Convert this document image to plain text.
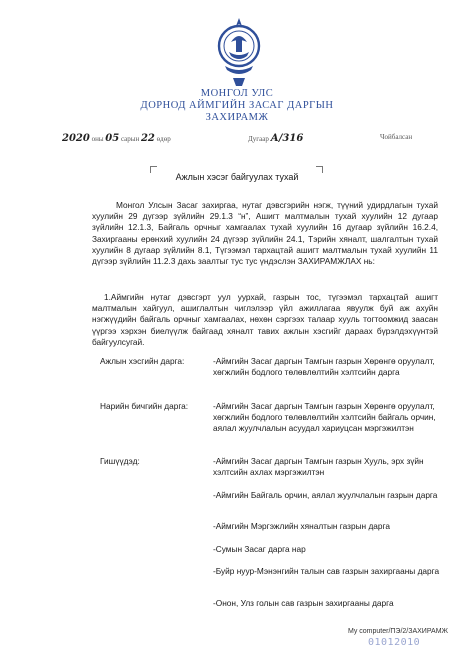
МОНГОЛ УЛС
ДОРНОД АЙМГИЙН ЗАСАГ ДАРГЫН
ЗАХИРАМЖ
2020 оны 05 сарын 22 өдөр	Дугаар А/316	Чойбалсан
Ажлын хэсэг байгуулах тухай
Монгол Улсын Засаг захиргаа, нутаг дэвсгэрийн нэгж, түүний удирдлагын тухай хуулийн 29 дүгээр зүйлийн 29.1.3 “н”, Ашигт малтмалын тухай хуулийн 12 дугаар зүйлийн 12.1.3, Байгаль орчныг хамгаалах тухай хуулийн 16 дугаар зүйлийн 16.2.4, Захиргааны ерөнхий хуулийн 24 дүгээр зүйлийн 24.1, Тэрийн хяналт, шалгалтын тухай хуулийн 8 дугаар зүйлийн 8.1, Түгээмэл тархацтай ашигт малтмалын тухай хуулийн 11 дүгээр зүйлийн 11.2.3 дахь заалтыг тус тус үндэслэн ЗАХИРАМЖЛАХ нь:
1.Аймгийн нутаг дэвсгэрт уул уурхай, газрын тос, түгээмэл тархацтай ашигт малтмалын хайгуул, ашиглалтын чиглэлээр үйл ажиллагаа явуулж буй аж ахуйн нэгжүүдийн байгаль орчныг хамгаалах, нөхөн сэргээх талаар хууль тогтоомжид заасан үүргээ хэрхэн биелүүлж байгаад хяналт тавих ажлын хэсгийг дараах бүрэлдэхүүнтэй байгуулсугай.
Ажлын хэсгийн дарга:	-Аймгийн Засаг даргын Тамгын газрын Хөрөнгө оруулалт, хөгжлийн бодлого төлөвлөлтийн хэлтсийн дарга
Нарийн бичгийн дарга:	-Аймгийн Засаг даргын Тамгын газрын Хөрөнгө оруулалт, хөгжлийн бодлого төлөвлөлтийн хэлтсийн байгаль орчин, аялал жуулчлалын асуудал хариуцсан мэргэжилтэн
Гишүүдэд:	-Аймгийн Засаг даргын Тамгын газрын Хууль, эрх зүйн хэлтсийн ахлах мэргэжилтэн
-Аймгийн Байгаль орчин, аялал жуулчлалын газрын дарга
-Аймгийн Мэргэжлийн хяналтын газрын дарга
-Сумын Засаг дарга нар
-Буйр нуур-Мэнэнгийн талын сав газрын захиргааны дарга
-Онон, Улз голын сав газрын захиргааны дарга
My computer/ПЭ/2/ЗАХИРАМЖ
01012010
